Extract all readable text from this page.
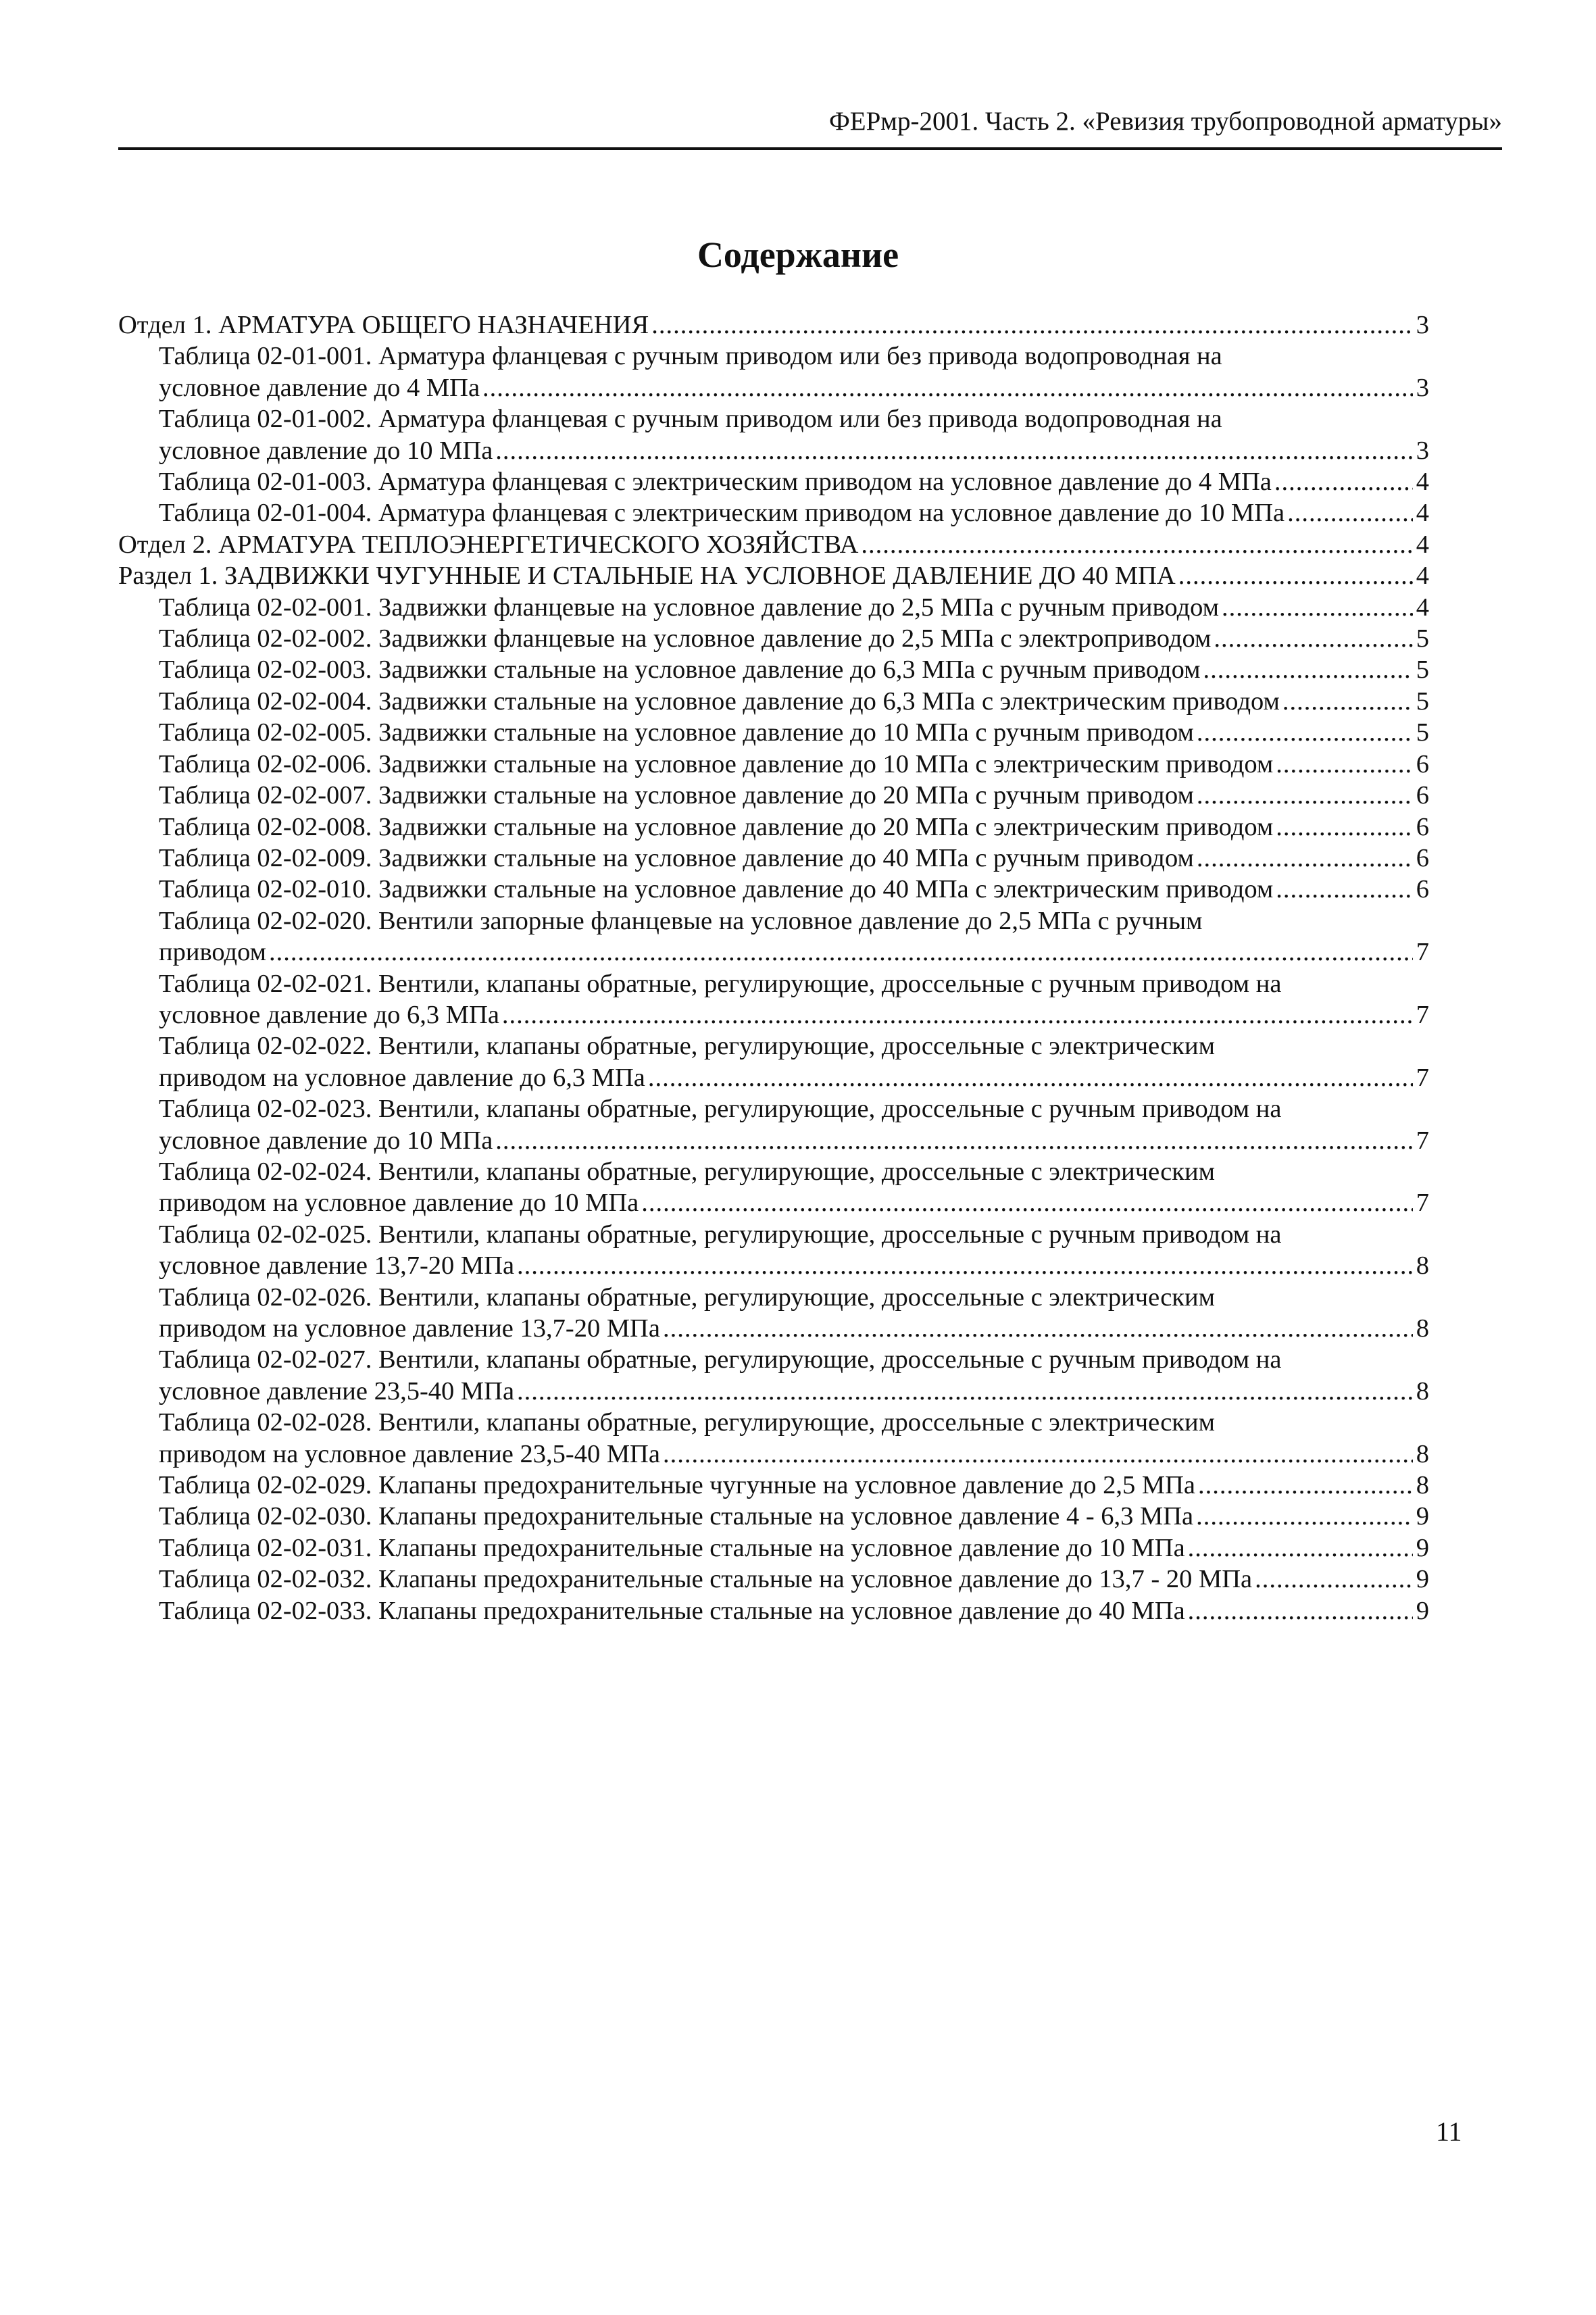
ФЕРмр-2001. Часть 2. «Ревизия трубопроводной арматуры»
Содержание
Отдел 1. АРМАТУРА ОБЩЕГО НАЗНАЧЕНИЯ .....	3
Таблица 02-01-001. Арматура фланцевая с ручным приводом или без привода водопроводная на
условное давление до 4 МПа .....	3
Таблица 02-01-002. Арматура фланцевая с ручным приводом или без привода водопроводная на
условное давление до 10 МПа .....	3
Таблица 02-01-003. Арматура фланцевая с электрическим приводом на условное давление до 4 МПа .....	4
Таблица 02-01-004. Арматура фланцевая с электрическим приводом на условное давление до 10 МПа .....	4
Отдел 2. АРМАТУРА ТЕПЛОЭНЕРГЕТИЧЕСКОГО ХОЗЯЙСТВА .....	4
Раздел 1. ЗАДВИЖКИ ЧУГУННЫЕ И СТАЛЬНЫЕ НА УСЛОВНОЕ ДАВЛЕНИЕ ДО 40 МПА .....	4
Таблица 02-02-001. Задвижки фланцевые на условное давление до 2,5 МПа с ручным приводом .....	4
Таблица 02-02-002. Задвижки фланцевые на условное давление до 2,5 МПа с электроприводом .....	5
Таблица 02-02-003. Задвижки стальные на условное давление до 6,3 МПа с ручным приводом .....	5
Таблица 02-02-004. Задвижки стальные на условное давление до 6,3 МПа с электрическим приводом .....	5
Таблица 02-02-005. Задвижки стальные на условное давление до 10 МПа с ручным приводом .....	5
Таблица 02-02-006. Задвижки стальные на условное давление до 10 МПа с электрическим приводом .....	6
Таблица 02-02-007. Задвижки стальные на условное давление до 20 МПа с ручным приводом .....	6
Таблица 02-02-008. Задвижки стальные на условное давление до 20 МПа с электрическим приводом .....	6
Таблица 02-02-009. Задвижки стальные на условное давление до 40 МПа с ручным приводом .....	6
Таблица 02-02-010. Задвижки стальные на условное давление до 40 МПа с электрическим приводом .....	6
Таблица 02-02-020. Вентили запорные фланцевые на условное давление до 2,5 МПа с ручным
приводом .....	7
Таблица 02-02-021. Вентили, клапаны обратные, регулирующие, дроссельные с ручным приводом на
условное давление до 6,3 МПа .....	7
Таблица 02-02-022. Вентили, клапаны обратные, регулирующие, дроссельные с электрическим
приводом на условное давление до 6,3 МПа .....	7
Таблица 02-02-023. Вентили, клапаны обратные, регулирующие, дроссельные с ручным приводом на
условное давление до 10 МПа .....	7
Таблица 02-02-024. Вентили, клапаны обратные, регулирующие, дроссельные с электрическим
приводом на условное давление до 10 МПа .....	7
Таблица 02-02-025. Вентили, клапаны обратные, регулирующие, дроссельные с ручным приводом на
условное давление 13,7-20 МПа .....	8
Таблица 02-02-026. Вентили, клапаны обратные, регулирующие, дроссельные с электрическим
приводом на условное давление 13,7-20 МПа .....	8
Таблица 02-02-027. Вентили, клапаны обратные, регулирующие, дроссельные с ручным приводом на
условное давление 23,5-40 МПа .....	8
Таблица 02-02-028. Вентили, клапаны обратные, регулирующие, дроссельные с электрическим
приводом на условное давление 23,5-40 МПа .....	8
Таблица 02-02-029. Клапаны предохранительные чугунные на условное давление до 2,5 МПа .....	8
Таблица 02-02-030. Клапаны предохранительные стальные на условное давление 4 - 6,3 МПа .....	9
Таблица 02-02-031. Клапаны предохранительные стальные на условное давление до 10 МПа .....	9
Таблица 02-02-032. Клапаны предохранительные стальные на условное давление до 13,7 - 20 МПа .....	9
Таблица 02-02-033. Клапаны предохранительные стальные на условное давление до 40 МПа .....	9
11
